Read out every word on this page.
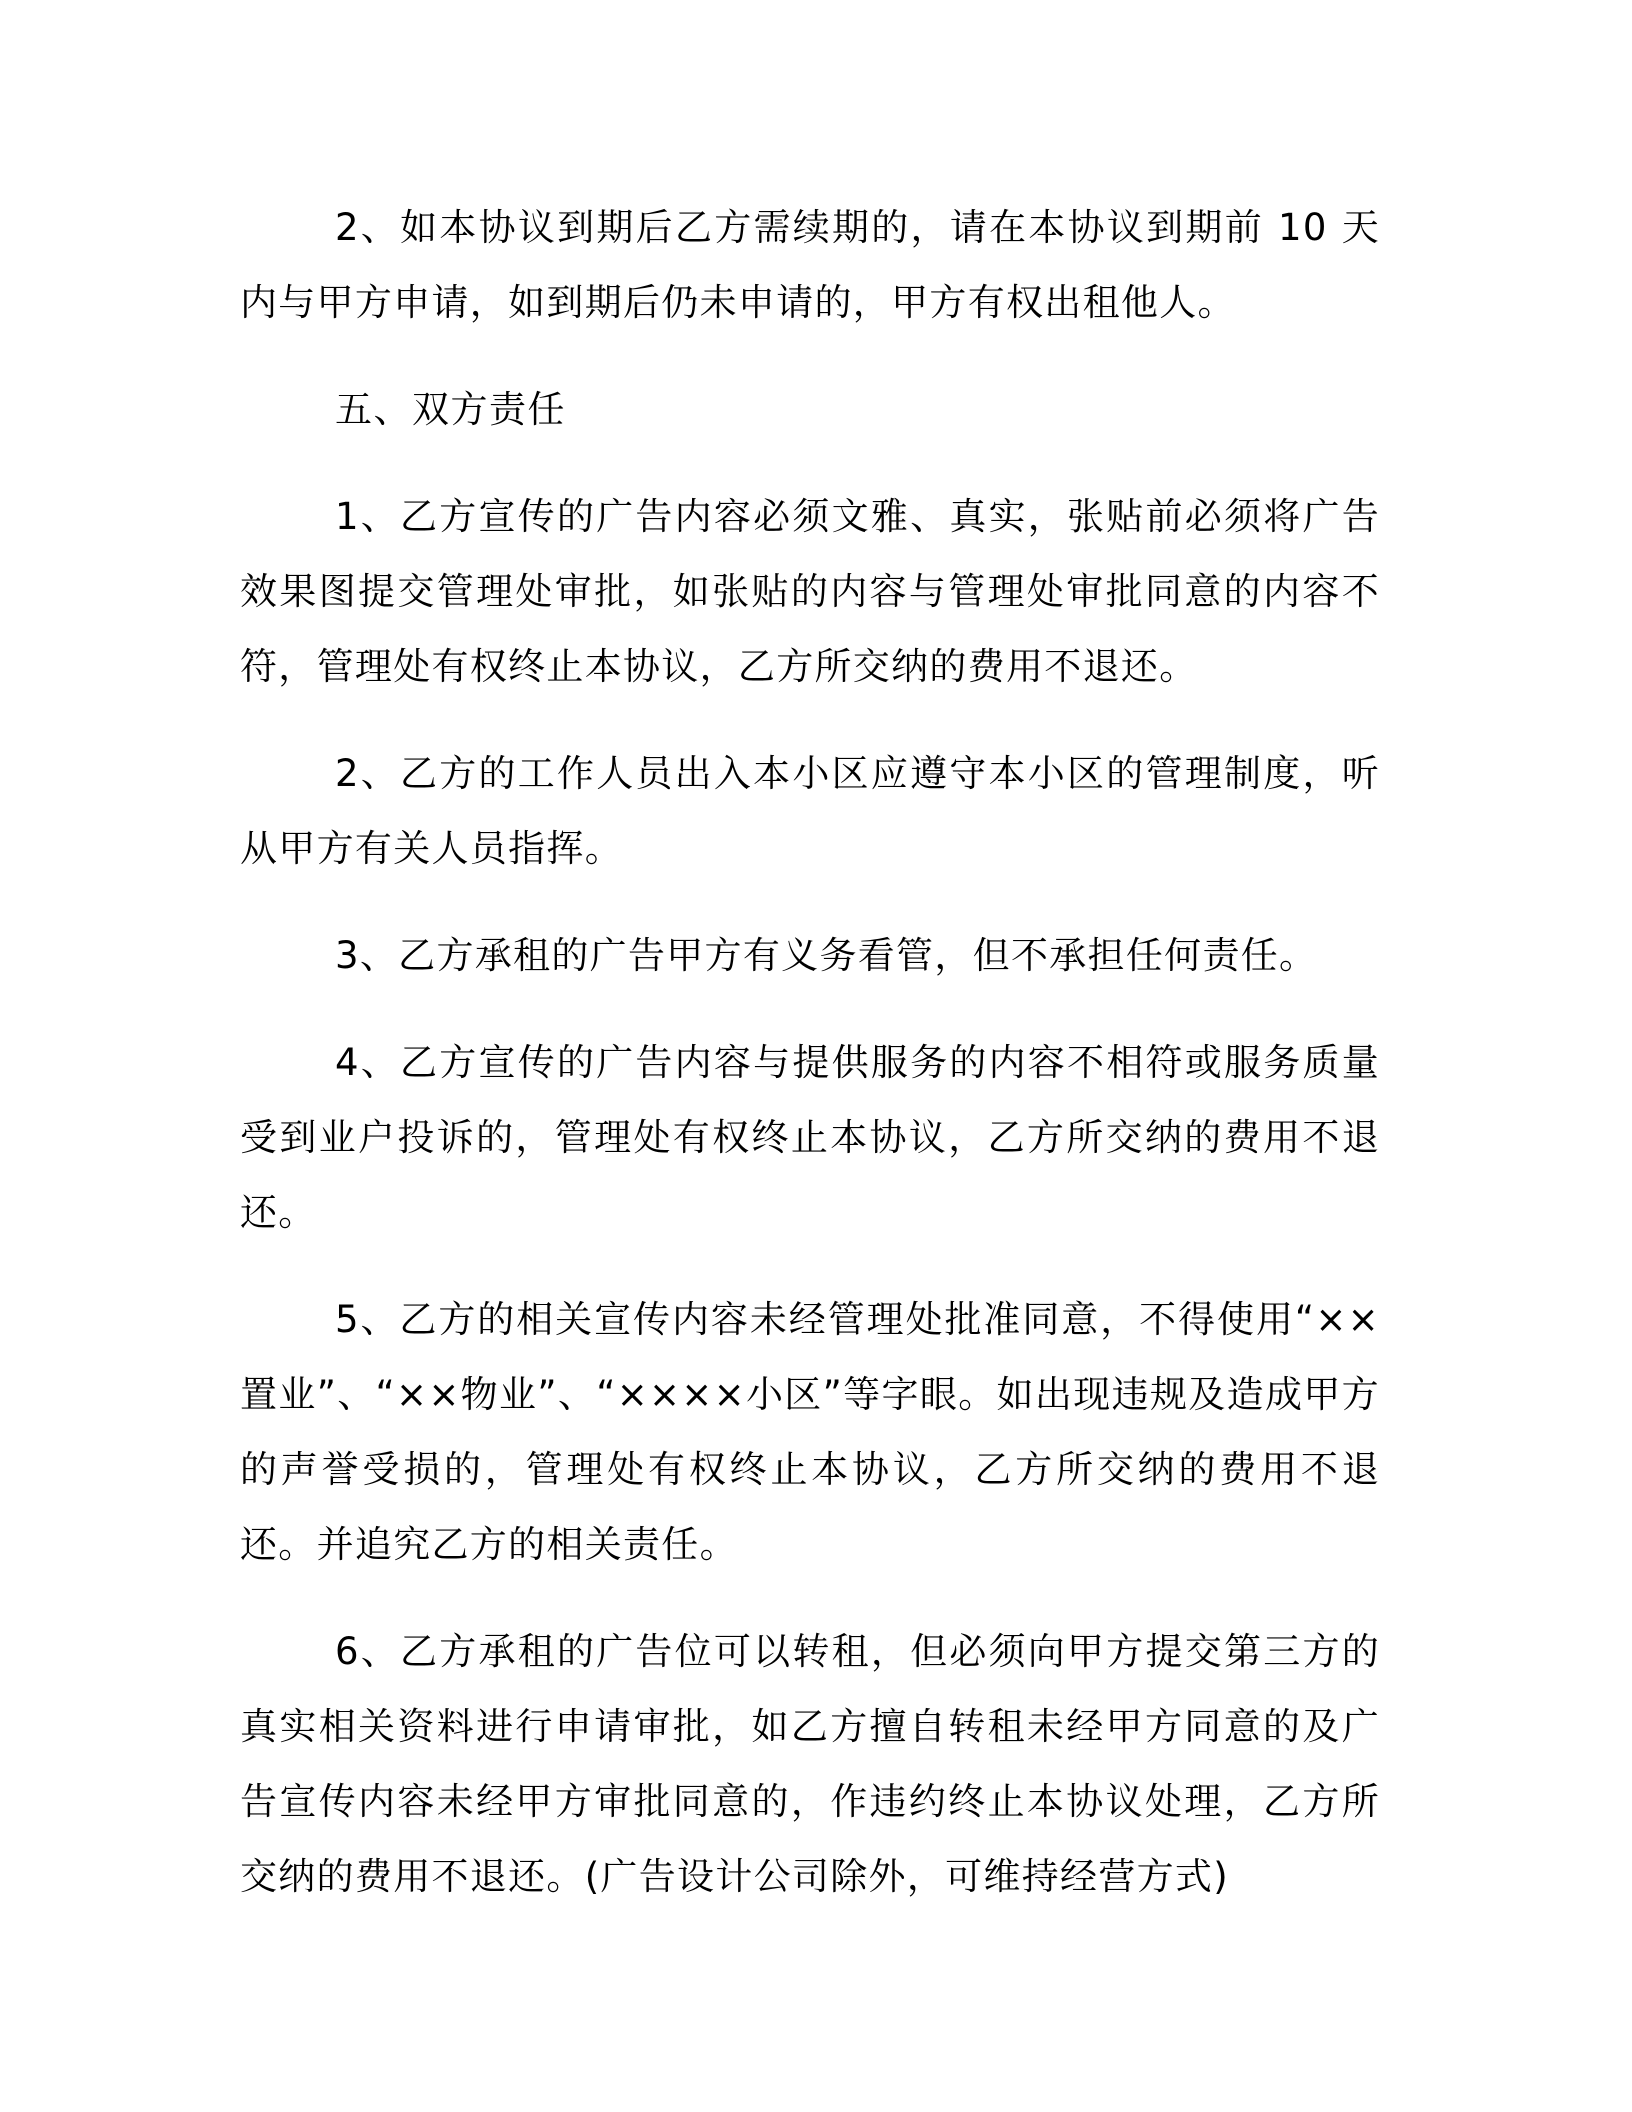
2、如本协议到期后乙方需续期的，请在本协议到期前 10 天内与甲方申请，如到期后仍未申请的，甲方有权出租他人。

五、双方责任

1、乙方宣传的广告内容必须文雅、真实，张贴前必须将广告效果图提交管理处审批，如张贴的内容与管理处审批同意的内容不符，管理处有权终止本协议，乙方所交纳的费用不退还。

2、乙方的工作人员出入本小区应遵守本小区的管理制度，听从甲方有关人员指挥。

3、乙方承租的广告甲方有义务看管，但不承担任何责任。

4、乙方宣传的广告内容与提供服务的内容不相符或服务质量受到业户投诉的，管理处有权终止本协议，乙方所交纳的费用不退还。

5、乙方的相关宣传内容未经管理处批准同意，不得使用“××置业”、“××物业”、“××××小区”等字眼。如出现违规及造成甲方的声誉受损的，管理处有权终止本协议，乙方所交纳的费用不退还。并追究乙方的相关责任。

6、乙方承租的广告位可以转租，但必须向甲方提交第三方的真实相关资料进行申请审批，如乙方擅自转租未经甲方同意的及广告宣传内容未经甲方审批同意的，作违约终止本协议处理，乙方所交纳的费用不退还。(广告设计公司除外，可维持经营方式)
